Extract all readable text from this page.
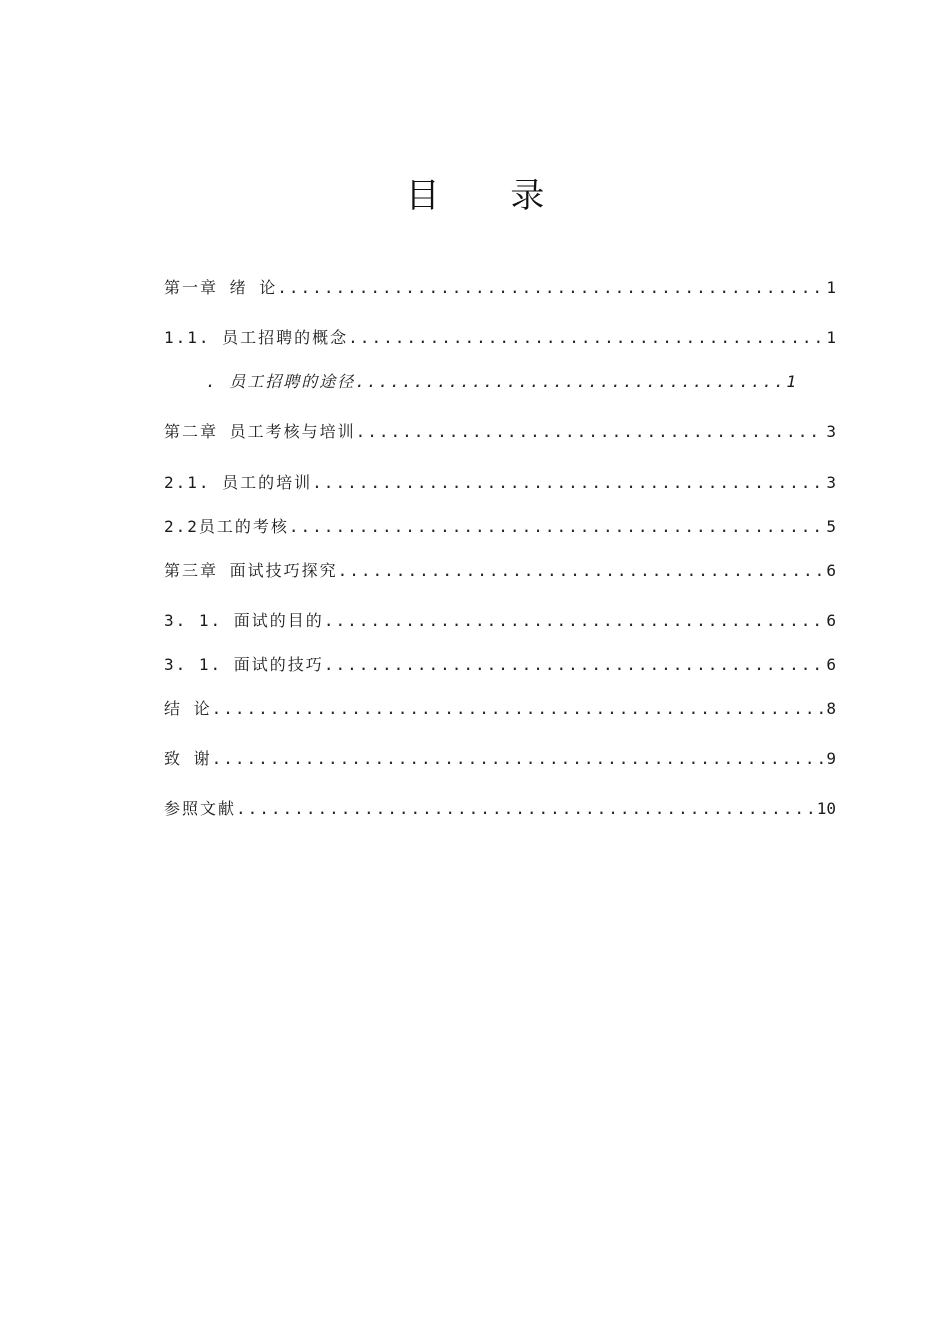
目 录
第一章 绪 论 .....	1
1.1. 员工招聘的概念 .....	1
. 员工招聘的途径 .....	1
第二章 员工考核与培训 .....	3
2.1. 员工的培训 .....	3
2.2员工的考核 .....	5
第三章 面试技巧探究 .....	6
3. 1. 面试的目的 .....	6
3. 1. 面试的技巧 .....	6
结 论 .....	8
致 谢 .....	9
参照文献 .....	10
